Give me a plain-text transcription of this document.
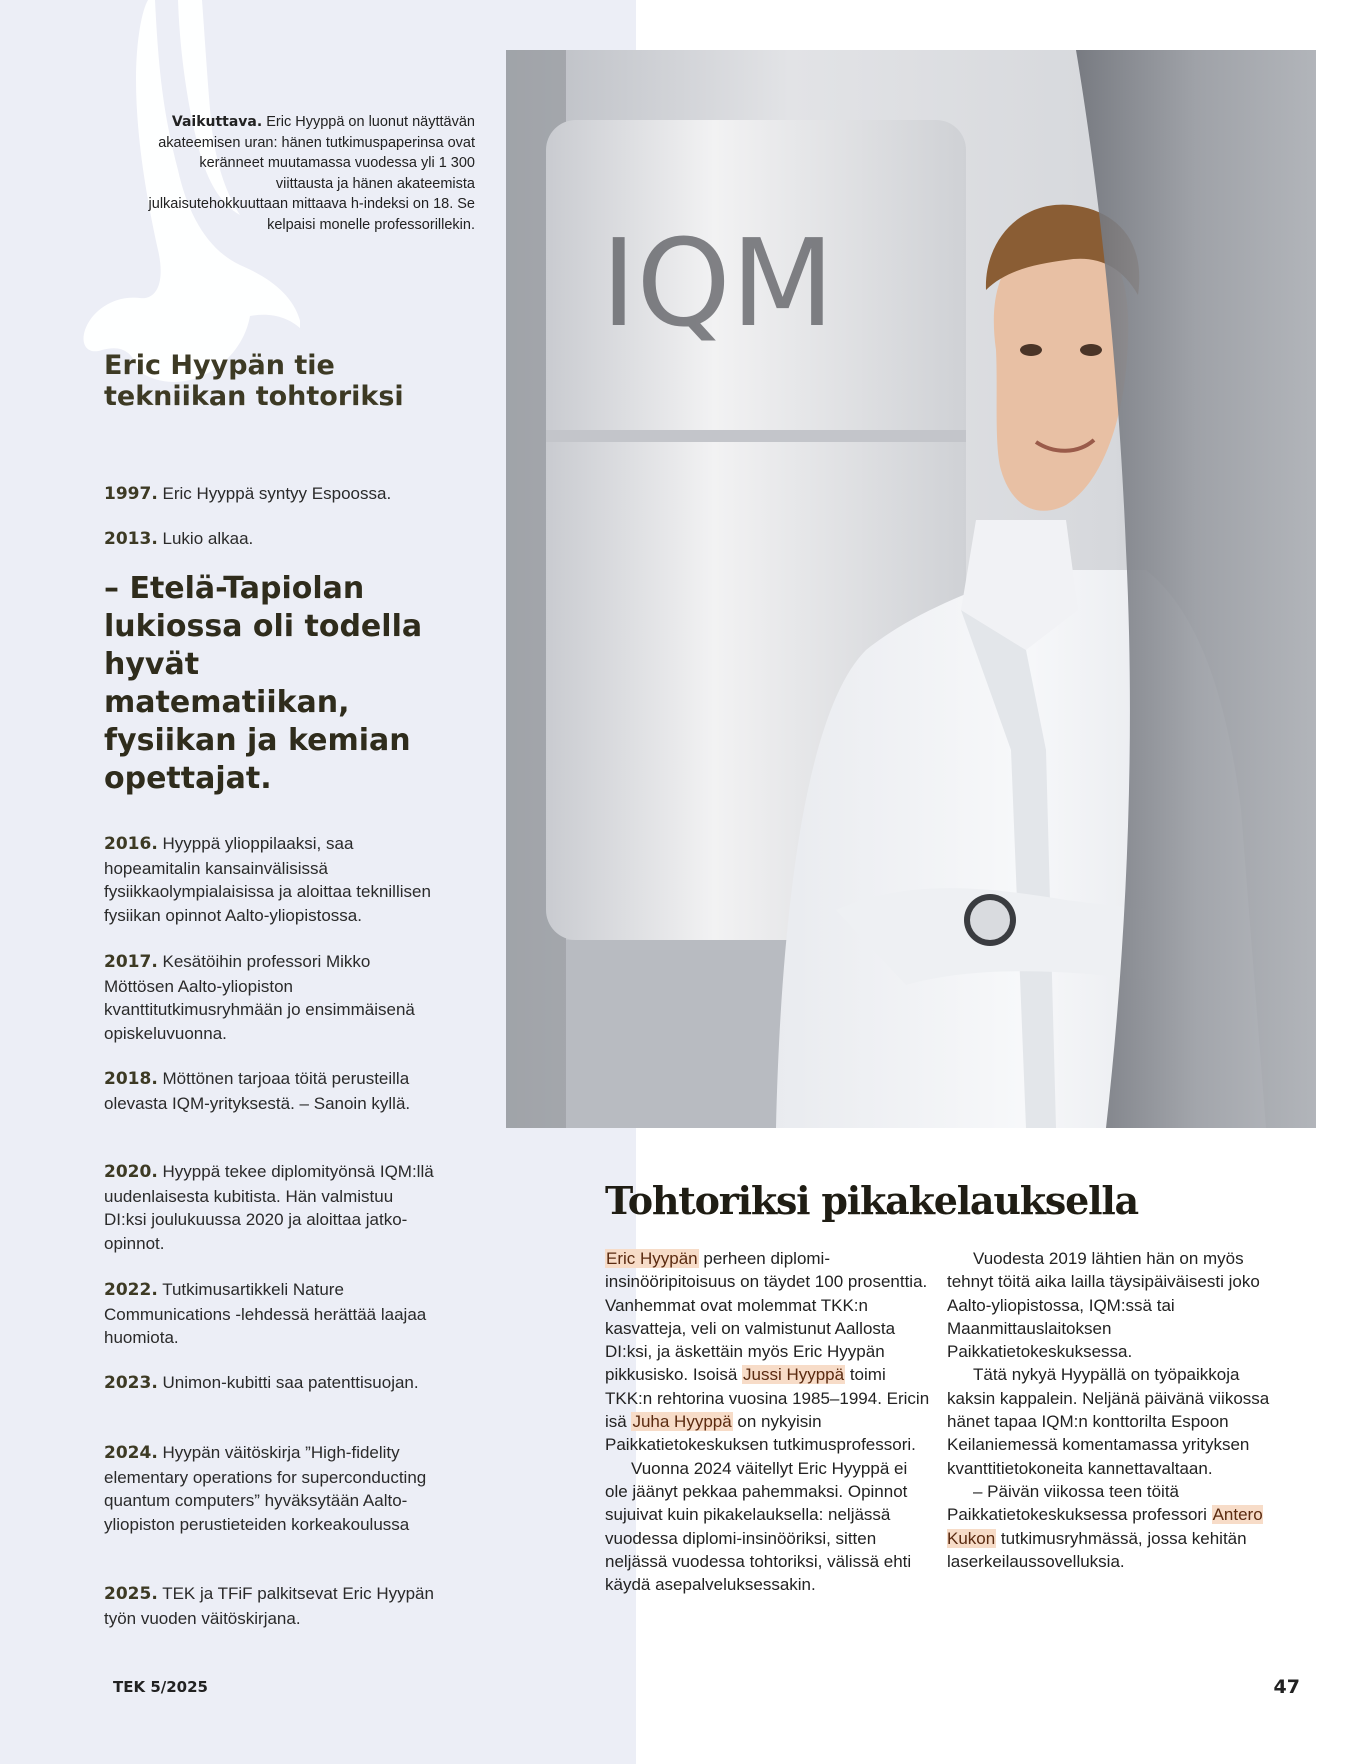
Vaikuttava. Eric Hyyppä on luonut näyttävän akateemisen uran: hänen tutkimuspaperinsa ovat keränneet muutamassa vuodessa yli 1 300 viittausta ja hänen akateemista julkaisutehokkuuttaan mittaava h-indeksi on 18. Se kelpaisi monelle professorillekin.
Eric Hyypän tie tekniikan tohtoriksi
1997. Eric Hyyppä syntyy Espoossa.
2013. Lukio alkaa.

– Etelä-Tapiolan lukiossa oli todella hyvät matematiikan, fysiikan ja kemian opettajat.

2016. Hyyppä ylioppilaaksi, saa hopeamitalin kansainvälisissä fysiikkaolympialaisissa ja aloittaa teknillisen fysiikan opinnot Aalto-yliopistossa.
2017. Kesätöihin professori Mikko Möttösen Aalto-yliopiston kvanttitutkimusryhmään jo ensimmäisenä opiskeluvuonna.
2018. Möttönen tarjoaa töitä perusteilla olevasta IQM-yrityksestä. – Sanoin kyllä.
2020. Hyyppä tekee diplomityönsä IQM:llä uudenlaisesta kubitista. Hän valmistuu DI:ksi joulukuussa 2020 ja aloittaa jatko-opinnot.
2022. Tutkimusartikkeli Nature Communications -lehdessä herättää laajaa huomiota.
2023. Unimon-kubitti saa patenttisuojan.
2024. Hyypän väitöskirja ”High-fidelity elementary operations for superconducting quantum computers” hyväksytään Aalto-yliopiston perustieteiden korkeakoulussa
2025. TEK ja TFiF palkitsevat Eric Hyypän työn vuoden väitöskirjana.
IQM
Tohtoriksi pikakelauksella

Eric Hyypän perheen diplomi-insinööripitoisuus on täydet 100 prosenttia. Vanhemmat ovat molemmat TKK:n kasvatteja, veli on valmistunut Aallosta DI:ksi, ja äskettäin myös Eric Hyypän pikkusisko. Isoisä Jussi Hyyppä toimi TKK:n rehtorina vuosina 1985–1994. Ericin isä Juha Hyyppä on nykyisin Paikkatietokeskuksen tutkimusprofessori.

Vuonna 2024 väitellyt Eric Hyyppä ei ole jäänyt pekkaa pahemmaksi. Opinnot sujuivat kuin pikakelauksella: neljässä vuodessa diplomi-insinööriksi, sitten neljässä vuodessa tohtoriksi, välissä ehti käydä asepalveluksessakin.

Vuodesta 2019 lähtien hän on myös tehnyt töitä aika lailla täysipäiväisesti joko Aalto-yliopistossa, IQM:ssä tai Maanmittauslaitoksen Paikkatietokeskuksessa.

Tätä nykyä Hyypällä on työpaikkoja kaksin kappalein. Neljänä päivänä viikossa hänet tapaa IQM:n konttorilta Espoon Keilaniemessä komentamassa yrityksen kvanttitietokoneita kannettavaltaan.

– Päivän viikossa teen töitä Paikkatietokeskuksessa professori Antero Kukon tutkimusryhmässä, jossa kehitän laserkeilaussovelluksia.

TEK 5/2025	47
